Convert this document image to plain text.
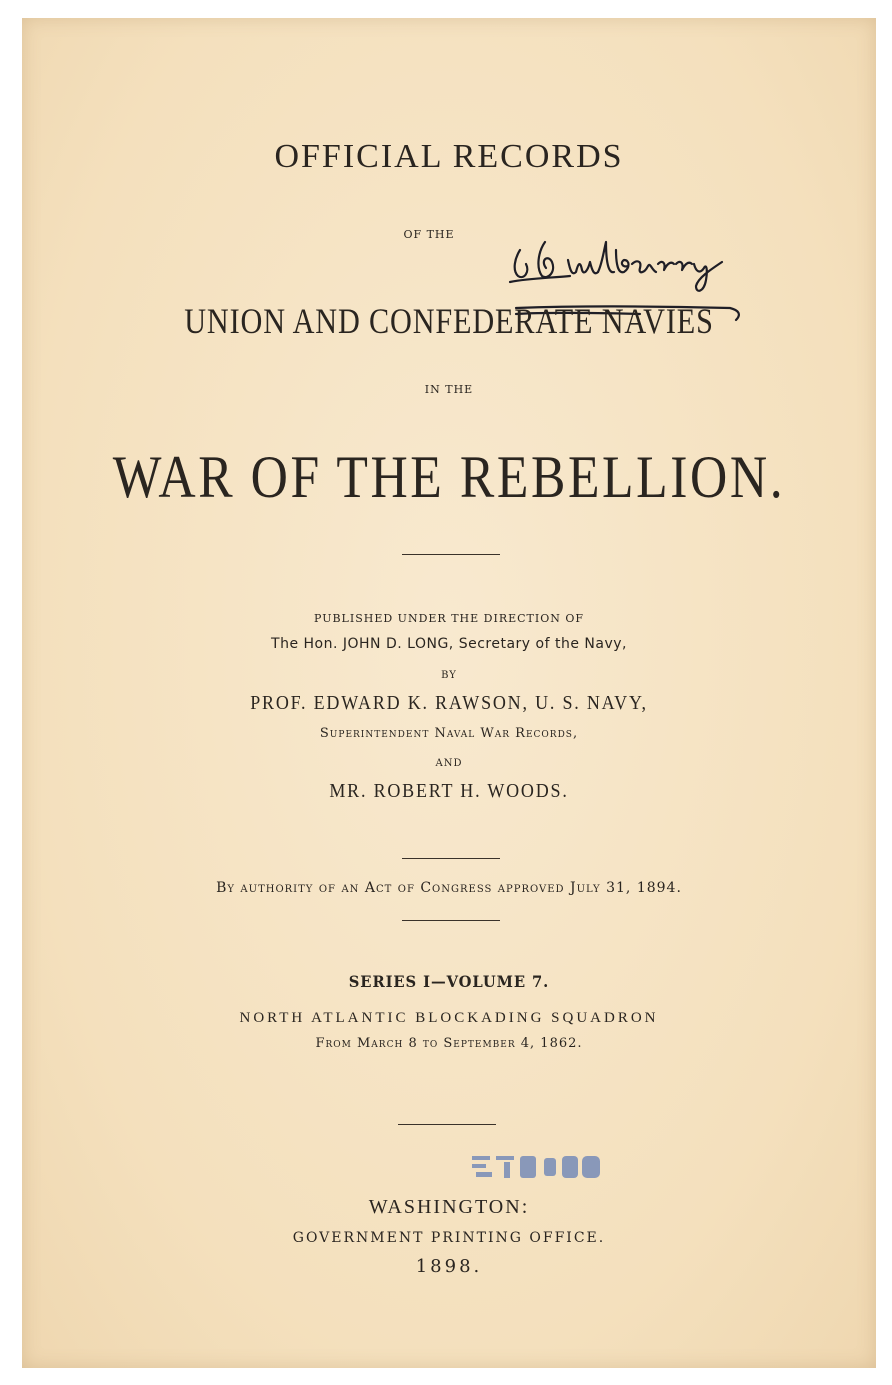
OFFICIAL RECORDS
OF THE
UNION AND CONFEDERATE NAVIES
IN THE
WAR OF THE REBELLION.
PUBLISHED UNDER THE DIRECTION OF
The Hon. JOHN D. LONG, Secretary of the Navy,
BY
PROF. EDWARD K. RAWSON, U. S. NAVY,
Superintendent Naval War Records,
AND
MR. ROBERT H. WOODS.
By authority of an Act of Congress approved July 31, 1894.
SERIES I—VOLUME 7.
NORTH ATLANTIC BLOCKADING SQUADRON
From March 8 to September 4, 1862.
WASHINGTON:
GOVERNMENT PRINTING OFFICE.
1898.
